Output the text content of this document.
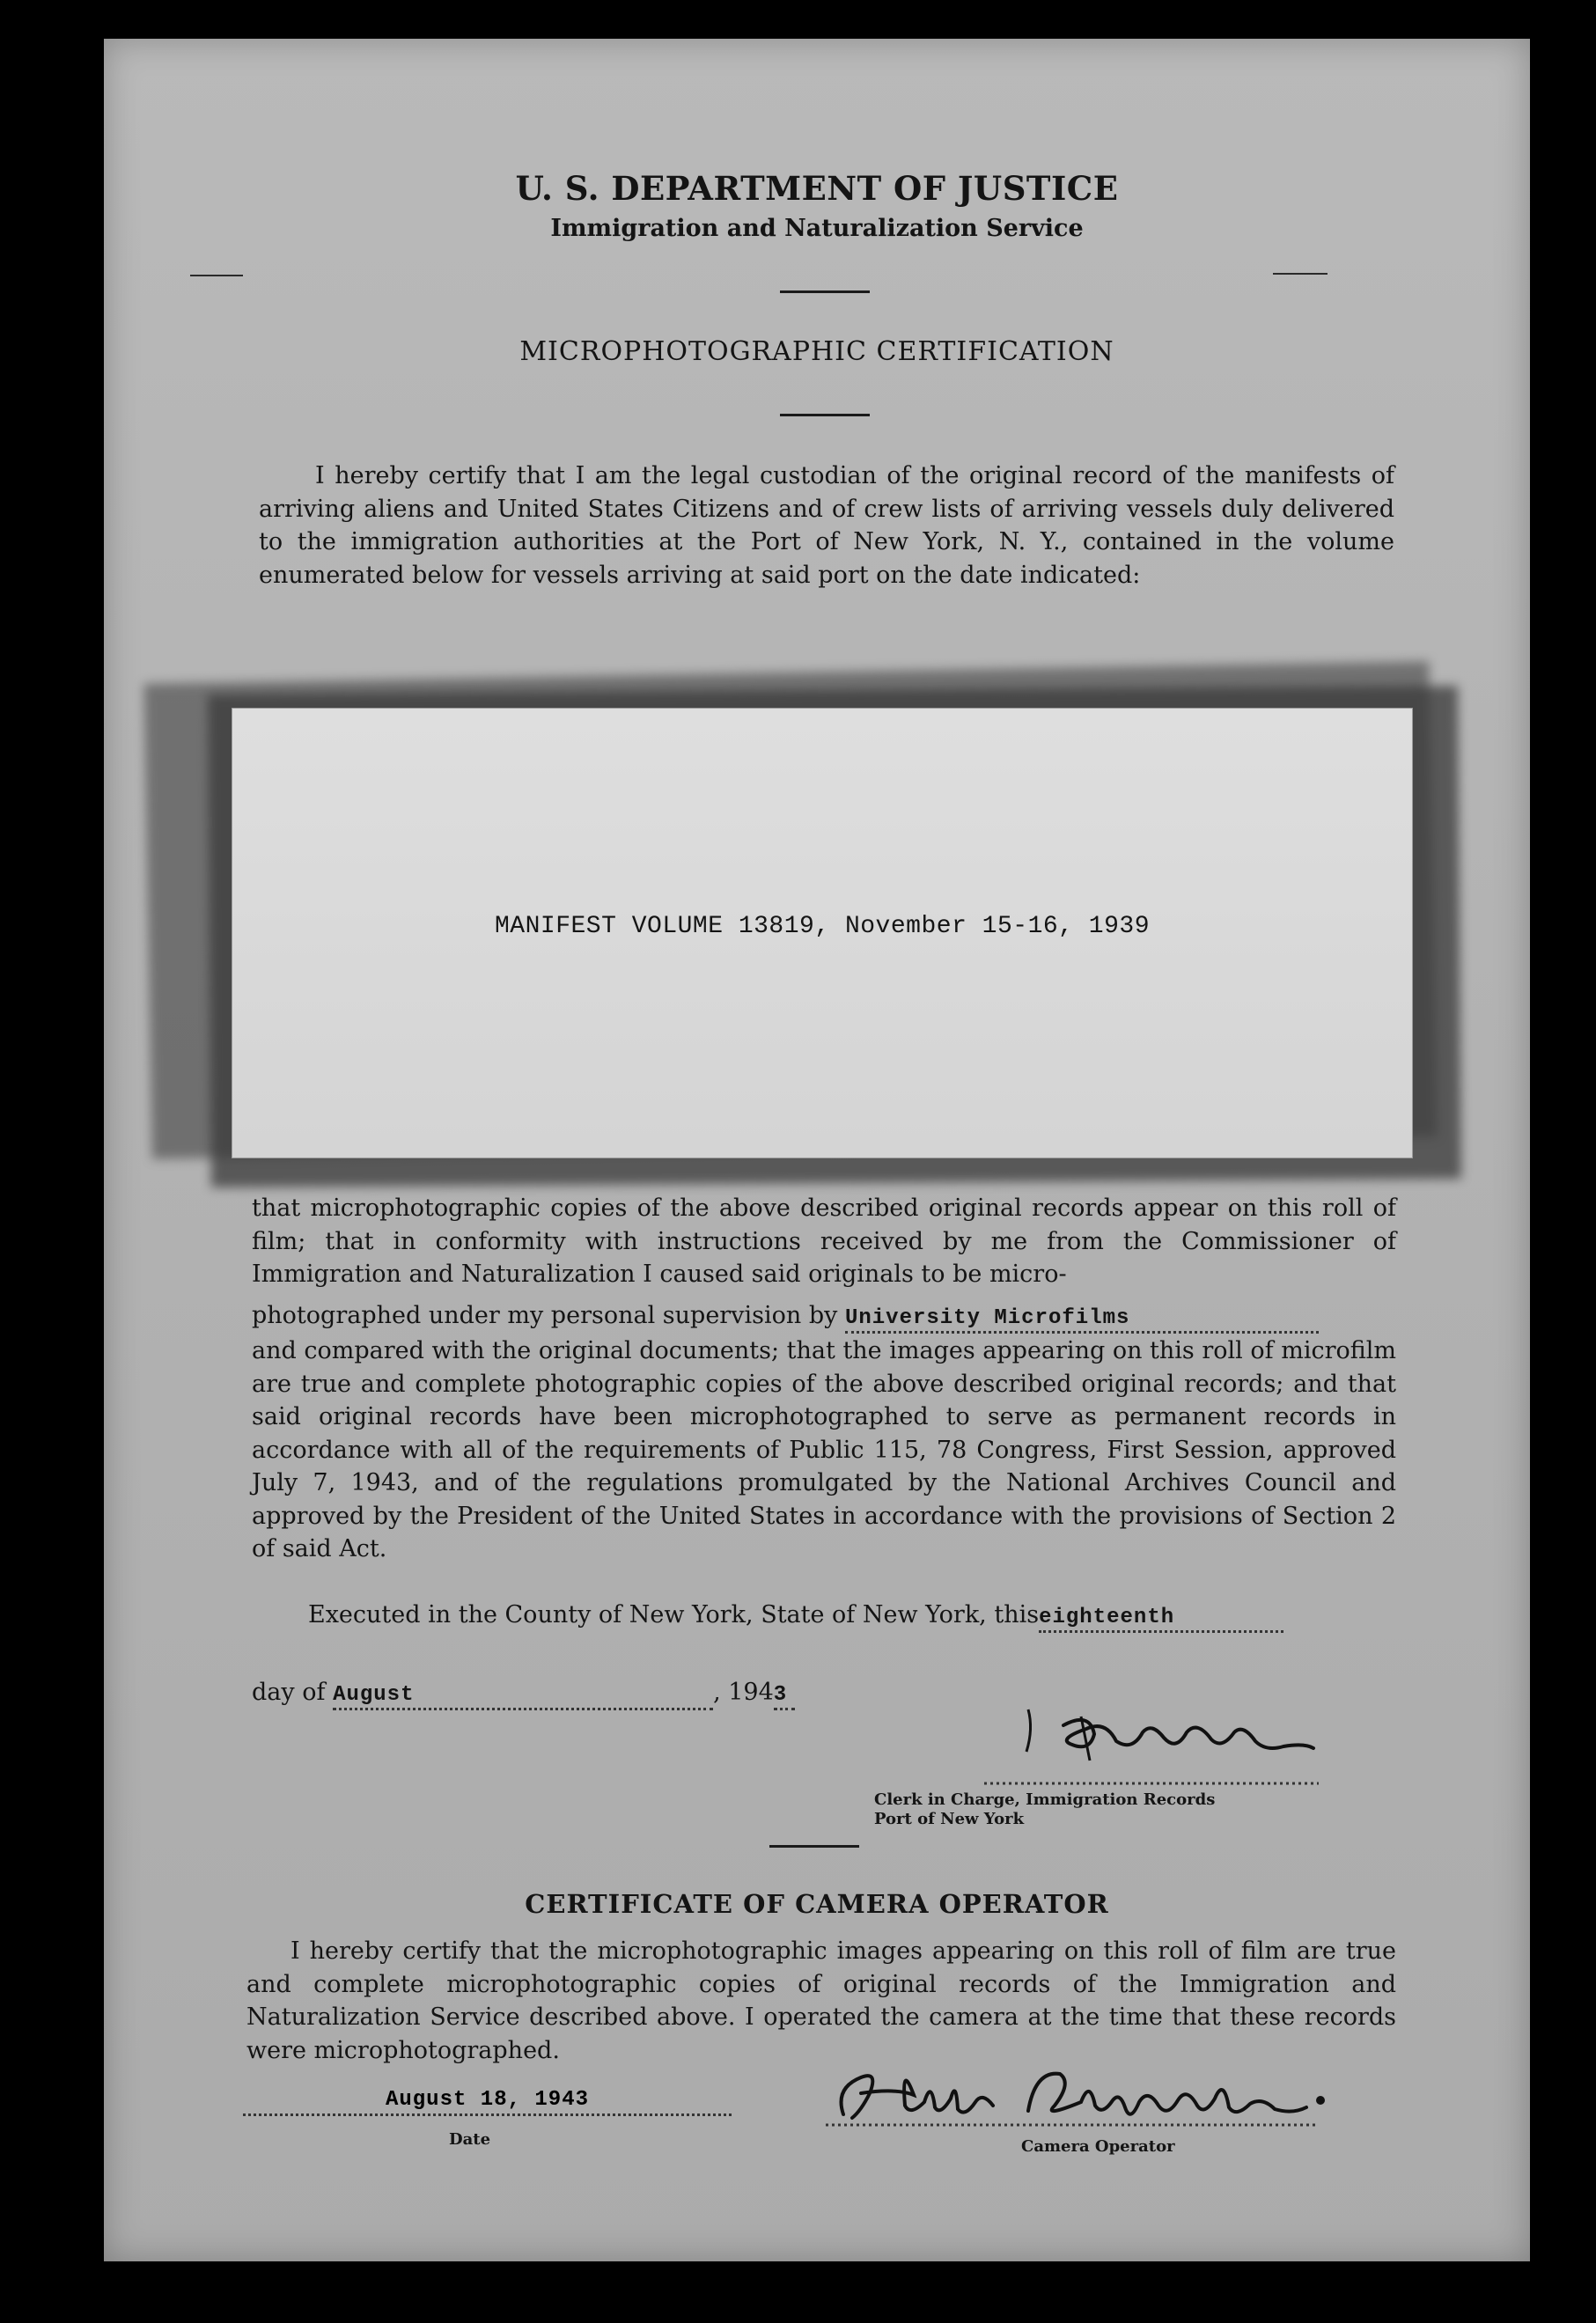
U. S. DEPARTMENT OF JUSTICE
Immigration and Naturalization Service
MICROPHOTOGRAPHIC CERTIFICATION
I hereby certify that I am the legal custodian of the original record of the manifests of arriving aliens and United States Citizens and of crew lists of arriving vessels duly delivered to the immigration authorities at the Port of New York, N. Y., contained in the volume enumerated below for vessels arriving at said port on the date indicated:
MANIFEST VOLUME 13819, November 15-16, 1939
that microphotographic copies of the above described original records appear on this roll of film; that in conformity with instructions received by me from the Commissioner of Immigration and Naturalization I caused said originals to be micro-
photographed under my personal supervision by University Microfilms
and compared with the original documents; that the images appearing on this roll of microfilm are true and complete photographic copies of the above described original records; and that said original records have been microphotographed to serve as permanent records in accordance with all of the requirements of Public 115, 78 Congress, First Session, approved July 7, 1943, and of the regulations promulgated by the National Archives Council and approved by the President of the United States in accordance with the provisions of Section 2 of said Act.
Executed in the County of New York, State of New York, thiseighteenth
day of August	, 1943
Clerk in Charge, Immigration Records
Port of New York
CERTIFICATE OF CAMERA OPERATOR
I hereby certify that the microphotographic images appearing on this roll of film are true and complete microphotographic copies of original records of the Immigration and Naturalization Service described above. I operated the camera at the time that these records were microphotographed.
August 18, 1943
Date	Camera Operator
